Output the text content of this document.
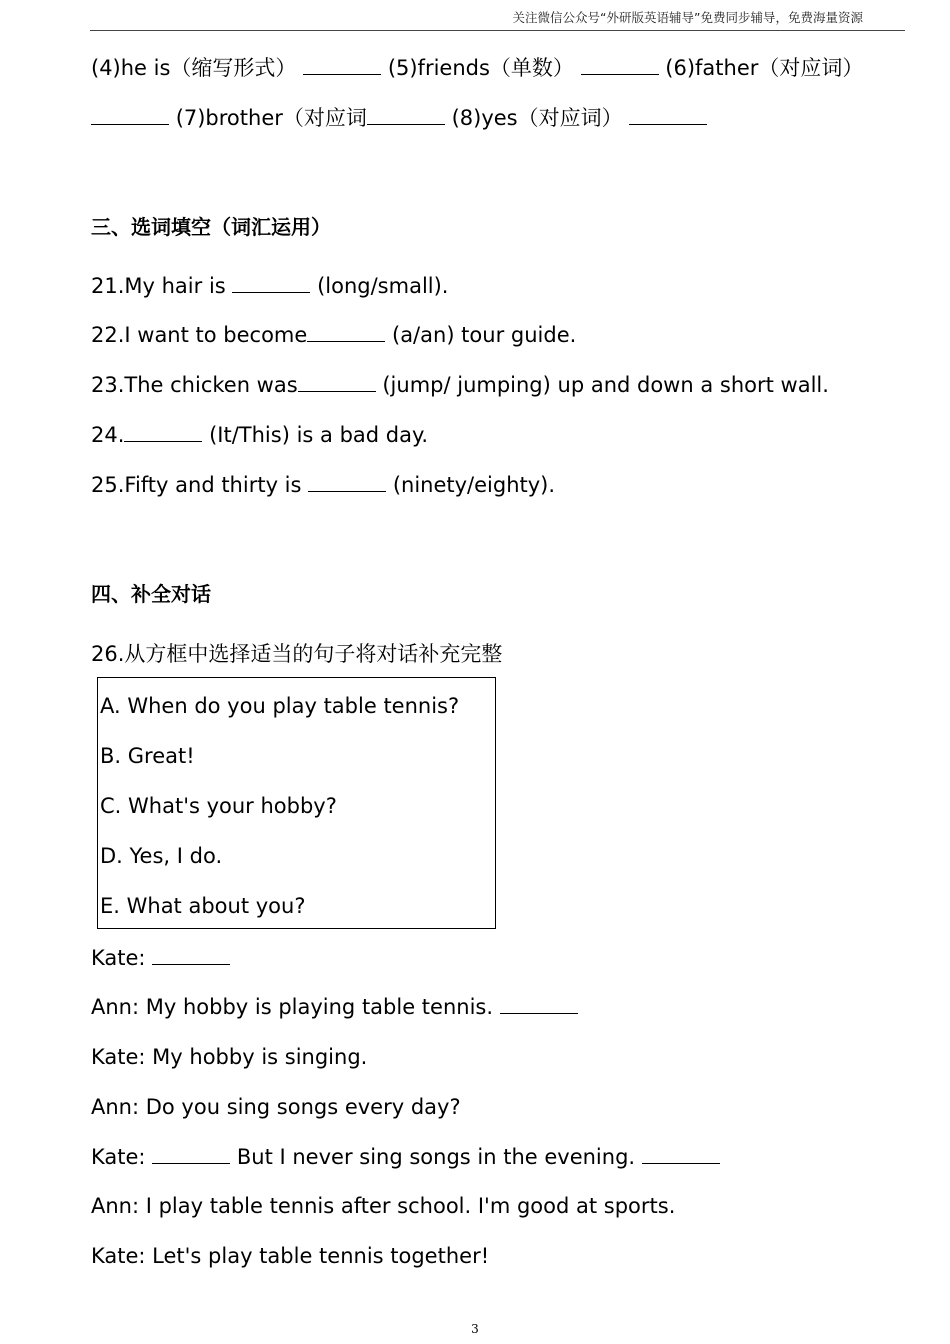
关注微信公众号“外研版英语辅导”免费同步辅导，免费海量资源
(4)he is（缩写形式）	(5)friends（单数）	(6)father（对应词）
(7)brother（对应词	(8)yes（对应词）
三、选词填空（词汇运用）
21.My hair is	(long/small).
22.I want to become	(a/an) tour guide.
23.The chicken was	(jump/ jumping) up and down a short wall.
24.	(It/This) is a bad day.
25.Fifty and thirty is	(ninety/eighty).
四、补全对话
26.从方框中选择适当的句子将对话补充完整
A. When do you play table tennis?
B. Great!
C. What's your hobby?
D. Yes, I do.
E. What about you?
Kate:
Ann: My hobby is playing table tennis.
Kate: My hobby is singing.
Ann: Do you sing songs every day?
Kate:	But I never sing songs in the evening.
Ann: I play table tennis after school. I'm good at sports.
Kate: Let's play table tennis together!
3
